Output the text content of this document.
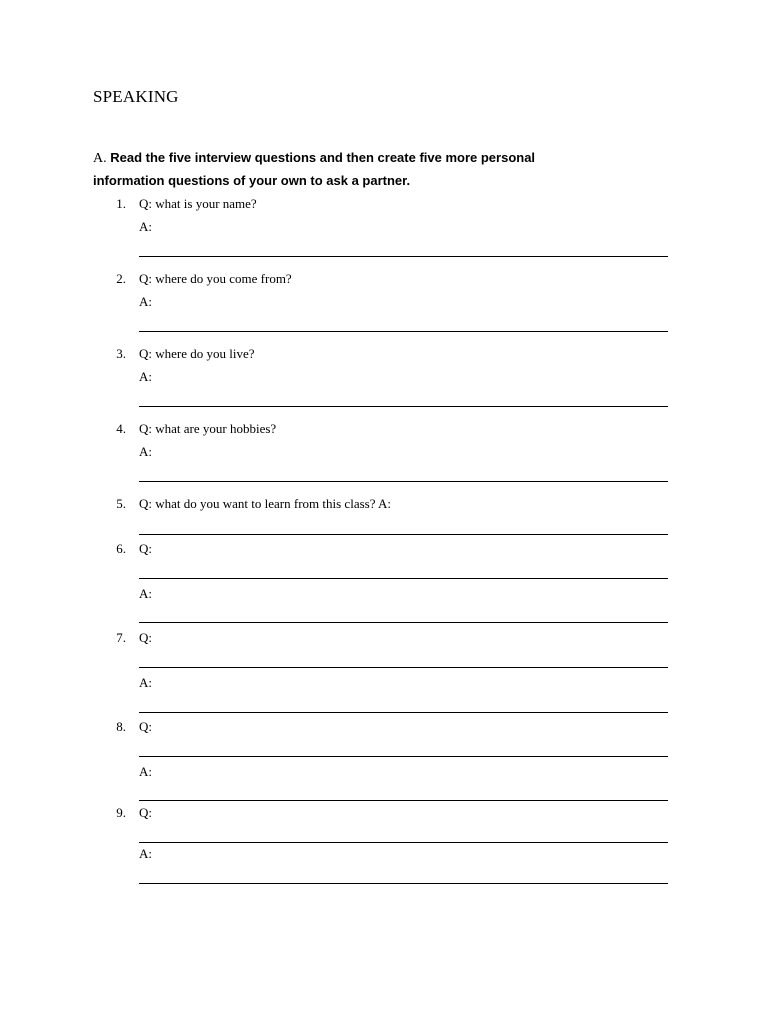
SPEAKING
A. Read the five interview questions and then create five more personal
information questions of your own to ask a partner.
1. Q: what is your name?
A:
2. Q: where do you come from?
A:
3. Q: where do you live?
A:
4. Q: what are your hobbies?
A:
5. Q: what do you want to learn from this class? A:
6. Q:
A:
7. Q:
A:
8. Q:
A:
9. Q:
A:
